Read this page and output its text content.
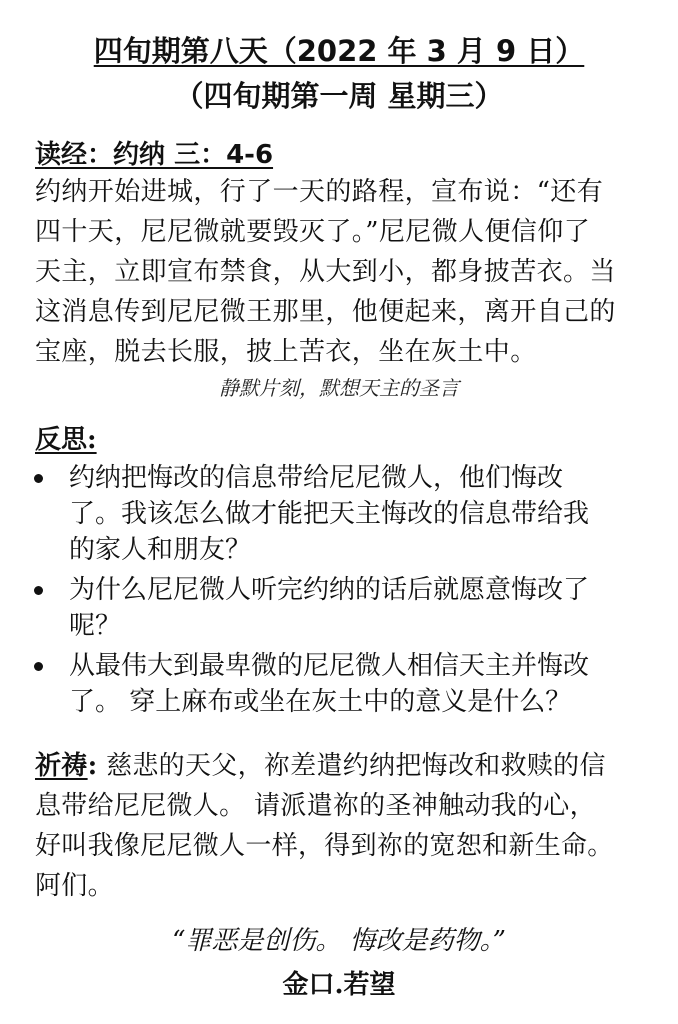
四旬期第八天（2022 年 3 月 9 日）
（四旬期第一周 星期三）
读经：约纳 三：4-6
约纳开始进城，行了一天的路程，宣布说：“还有
四十天，尼尼微就要毁灭了。”尼尼微人便信仰了
天主，立即宣布禁食，从大到小，都身披苦衣。当
这消息传到尼尼微王那里，他便起来，离开自己的
宝座，脱去长服，披上苦衣，坐在灰土中。
静默片刻，默想天主的圣言
反思:
约纳把悔改的信息带给尼尼微人，他们悔改
了。我该怎么做才能把天主悔改的信息带给我
的家人和朋友？
为什么尼尼微人听完约纳的话后就愿意悔改了
呢？
从最伟大到最卑微的尼尼微人相信天主并悔改
了。 穿上麻布或坐在灰土中的意义是什么？
祈祷: 慈悲的天父，祢差遣约纳把悔改和救赎的信
息带给尼尼微人。 请派遣祢的圣神触动我的心，
好叫我像尼尼微人一样，得到祢的宽恕和新生命。
阿们。
“罪恶是创伤。 悔改是药物。”
金口.若望
